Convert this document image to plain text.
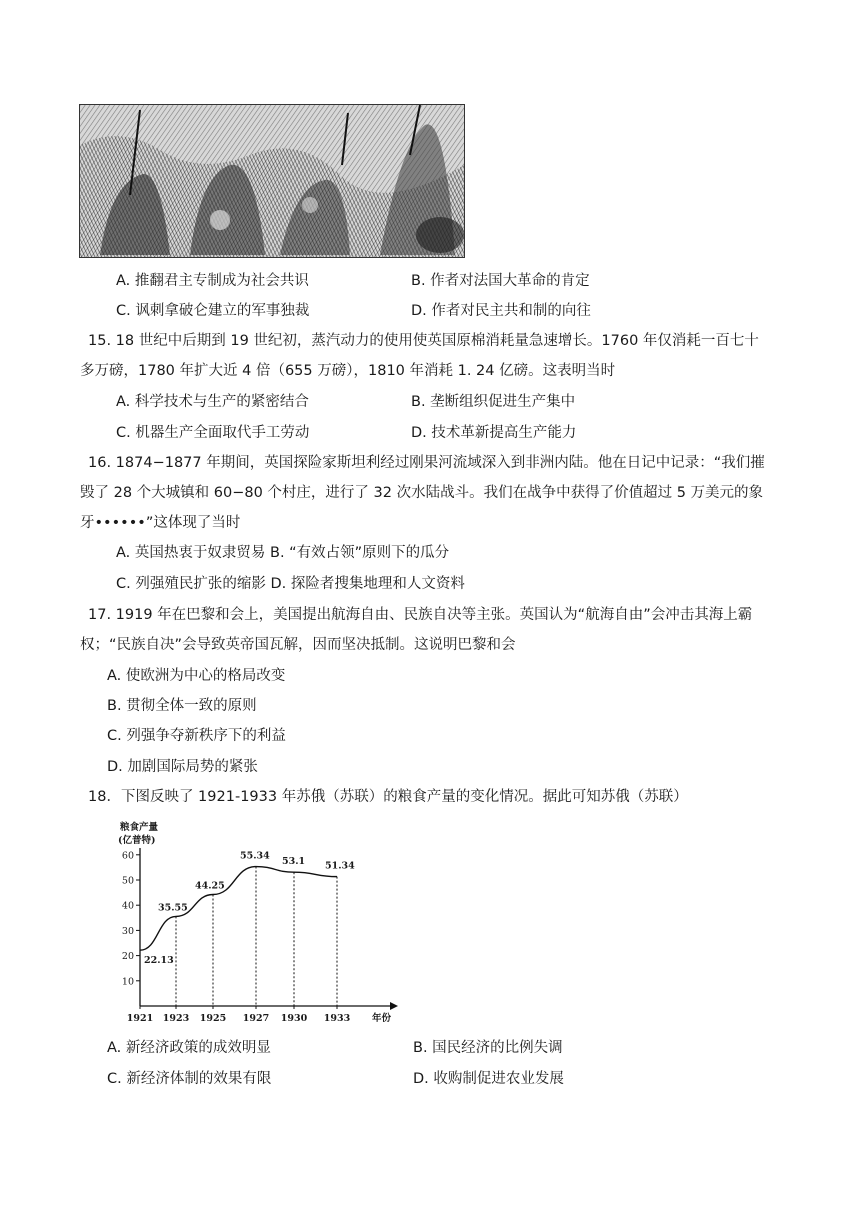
A. 推翻君主专制成为社会共识	B. 作者对法国大革命的肯定
C. 讽刺拿破仑建立的军事独裁	D. 作者对民主共和制的向往
15. 18 世纪中后期到 19 世纪初，蒸汽动力的使用使英国原棉消耗量急速增长。1760 年仅消耗一百七十
多万磅，1780 年扩大近 4 倍（655 万磅），1810 年消耗 1. 24 亿磅。这表明当时
A. 科学技术与生产的紧密结合	B. 垄断组织促进生产集中
C. 机器生产全面取代手工劳动	D. 技术革新提高生产能力
16. 1874−1877 年期间，英国探险家斯坦利经过刚果河流域深入到非洲内陆。他在日记中记录：“我们摧
毁了 28 个大城镇和 60−80 个村庄，进行了 32 次水陆战斗。我们在战争中获得了价值超过 5 万美元的象
牙••••••”这体现了当时
A. 英国热衷于奴隶贸易 B. “有效占领”原则下的瓜分
C. 列强殖民扩张的缩影 D. 探险者搜集地理和人文资料
17. 1919 年在巴黎和会上，美国提出航海自由、民族自决等主张。英国认为“航海自由”会冲击其海上霸
权；“民族自决”会导致英帝国瓦解，因而坚决抵制。这说明巴黎和会
A. 使欧洲为中心的格局改变
B. 贯彻全体一致的原则
C. 列强争夺新秩序下的利益
D. 加剧国际局势的紧张
18．下图反映了 1921-1933 年苏俄（苏联）的粮食产量的变化情况。据此可知苏俄（苏联）
粮食产量
(亿普特)
年份
10
20
30
40
50
60
1921 1923 1925 1927 1930 1933
22.13
35.55
44.25
55.34
53.1 51.34
A. 新经济政策的成效明显	B. 国民经济的比例失调
C. 新经济体制的效果有限	D. 收购制促进农业发展
